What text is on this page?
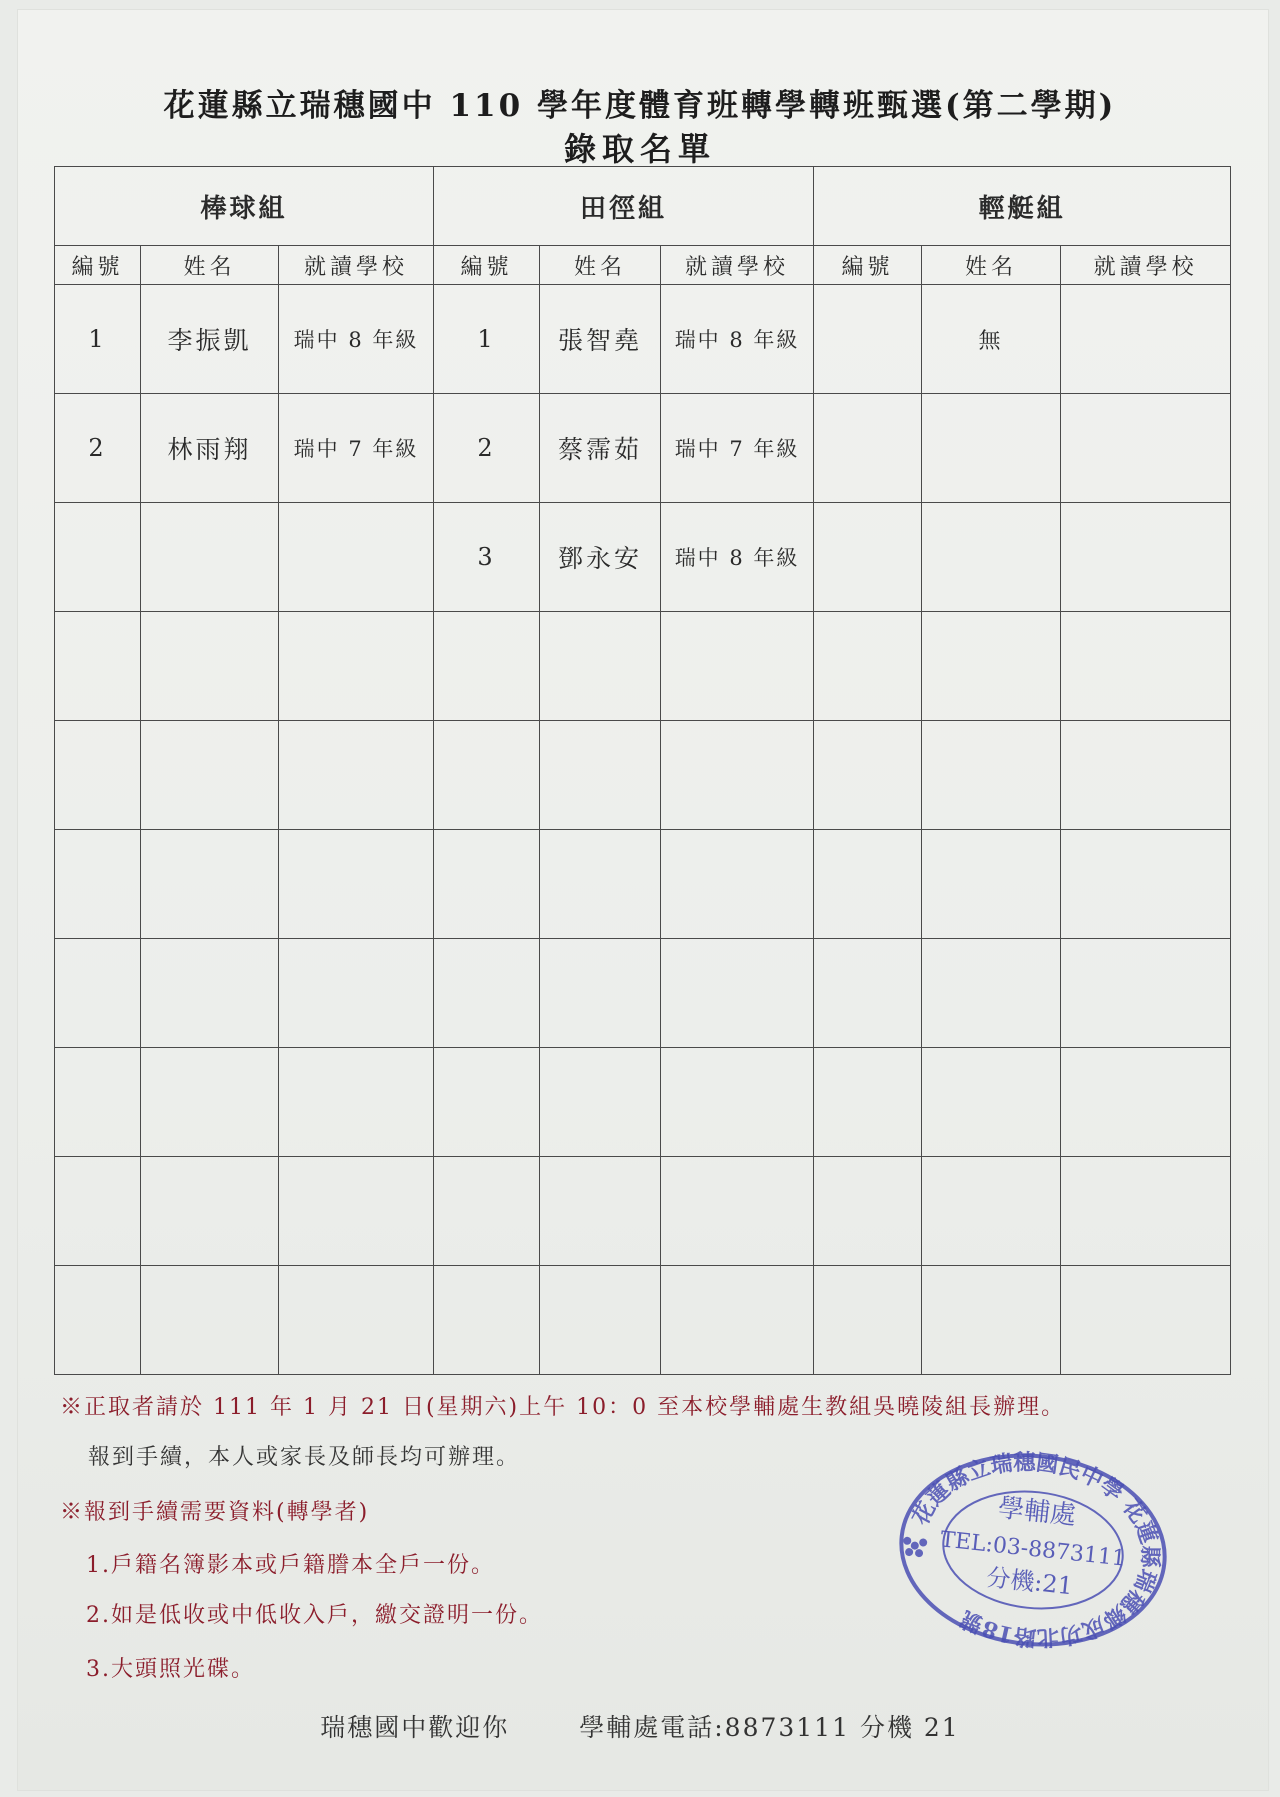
花蓮縣立瑞穗國中 110 學年度體育班轉學轉班甄選(第二學期)
錄取名單
棒球組			田徑組			輕艇組		
編號	姓名	就讀學校	編號	姓名	就讀學校	編號	姓名	就讀學校
1	李振凱	瑞中 8 年級	1	張智堯	瑞中 8 年級		無	
2	林雨翔	瑞中 7 年級	2	蔡霈茹	瑞中 7 年級			
			3	鄧永安	瑞中 8 年級			

※正取者請於 111 年 1 月 21 日(星期六)上午 10：0 至本校學輔處生教組吳曉陵組長辦理。
報到手續，本人或家長及師長均可辦理。
※報到手續需要資料(轉學者)
1.戶籍名簿影本或戶籍謄本全戶一份。
2.如是低收或中低收入戶，繳交證明一份。
3.大頭照光碟。
瑞穗國中歡迎你	學輔處電話:8873111 分機 21
花蓮縣立瑞穗國民中學 花蓮縣瑞穗鄉成功北路18號
學輔處
TEL:03-8873111
分機:21
